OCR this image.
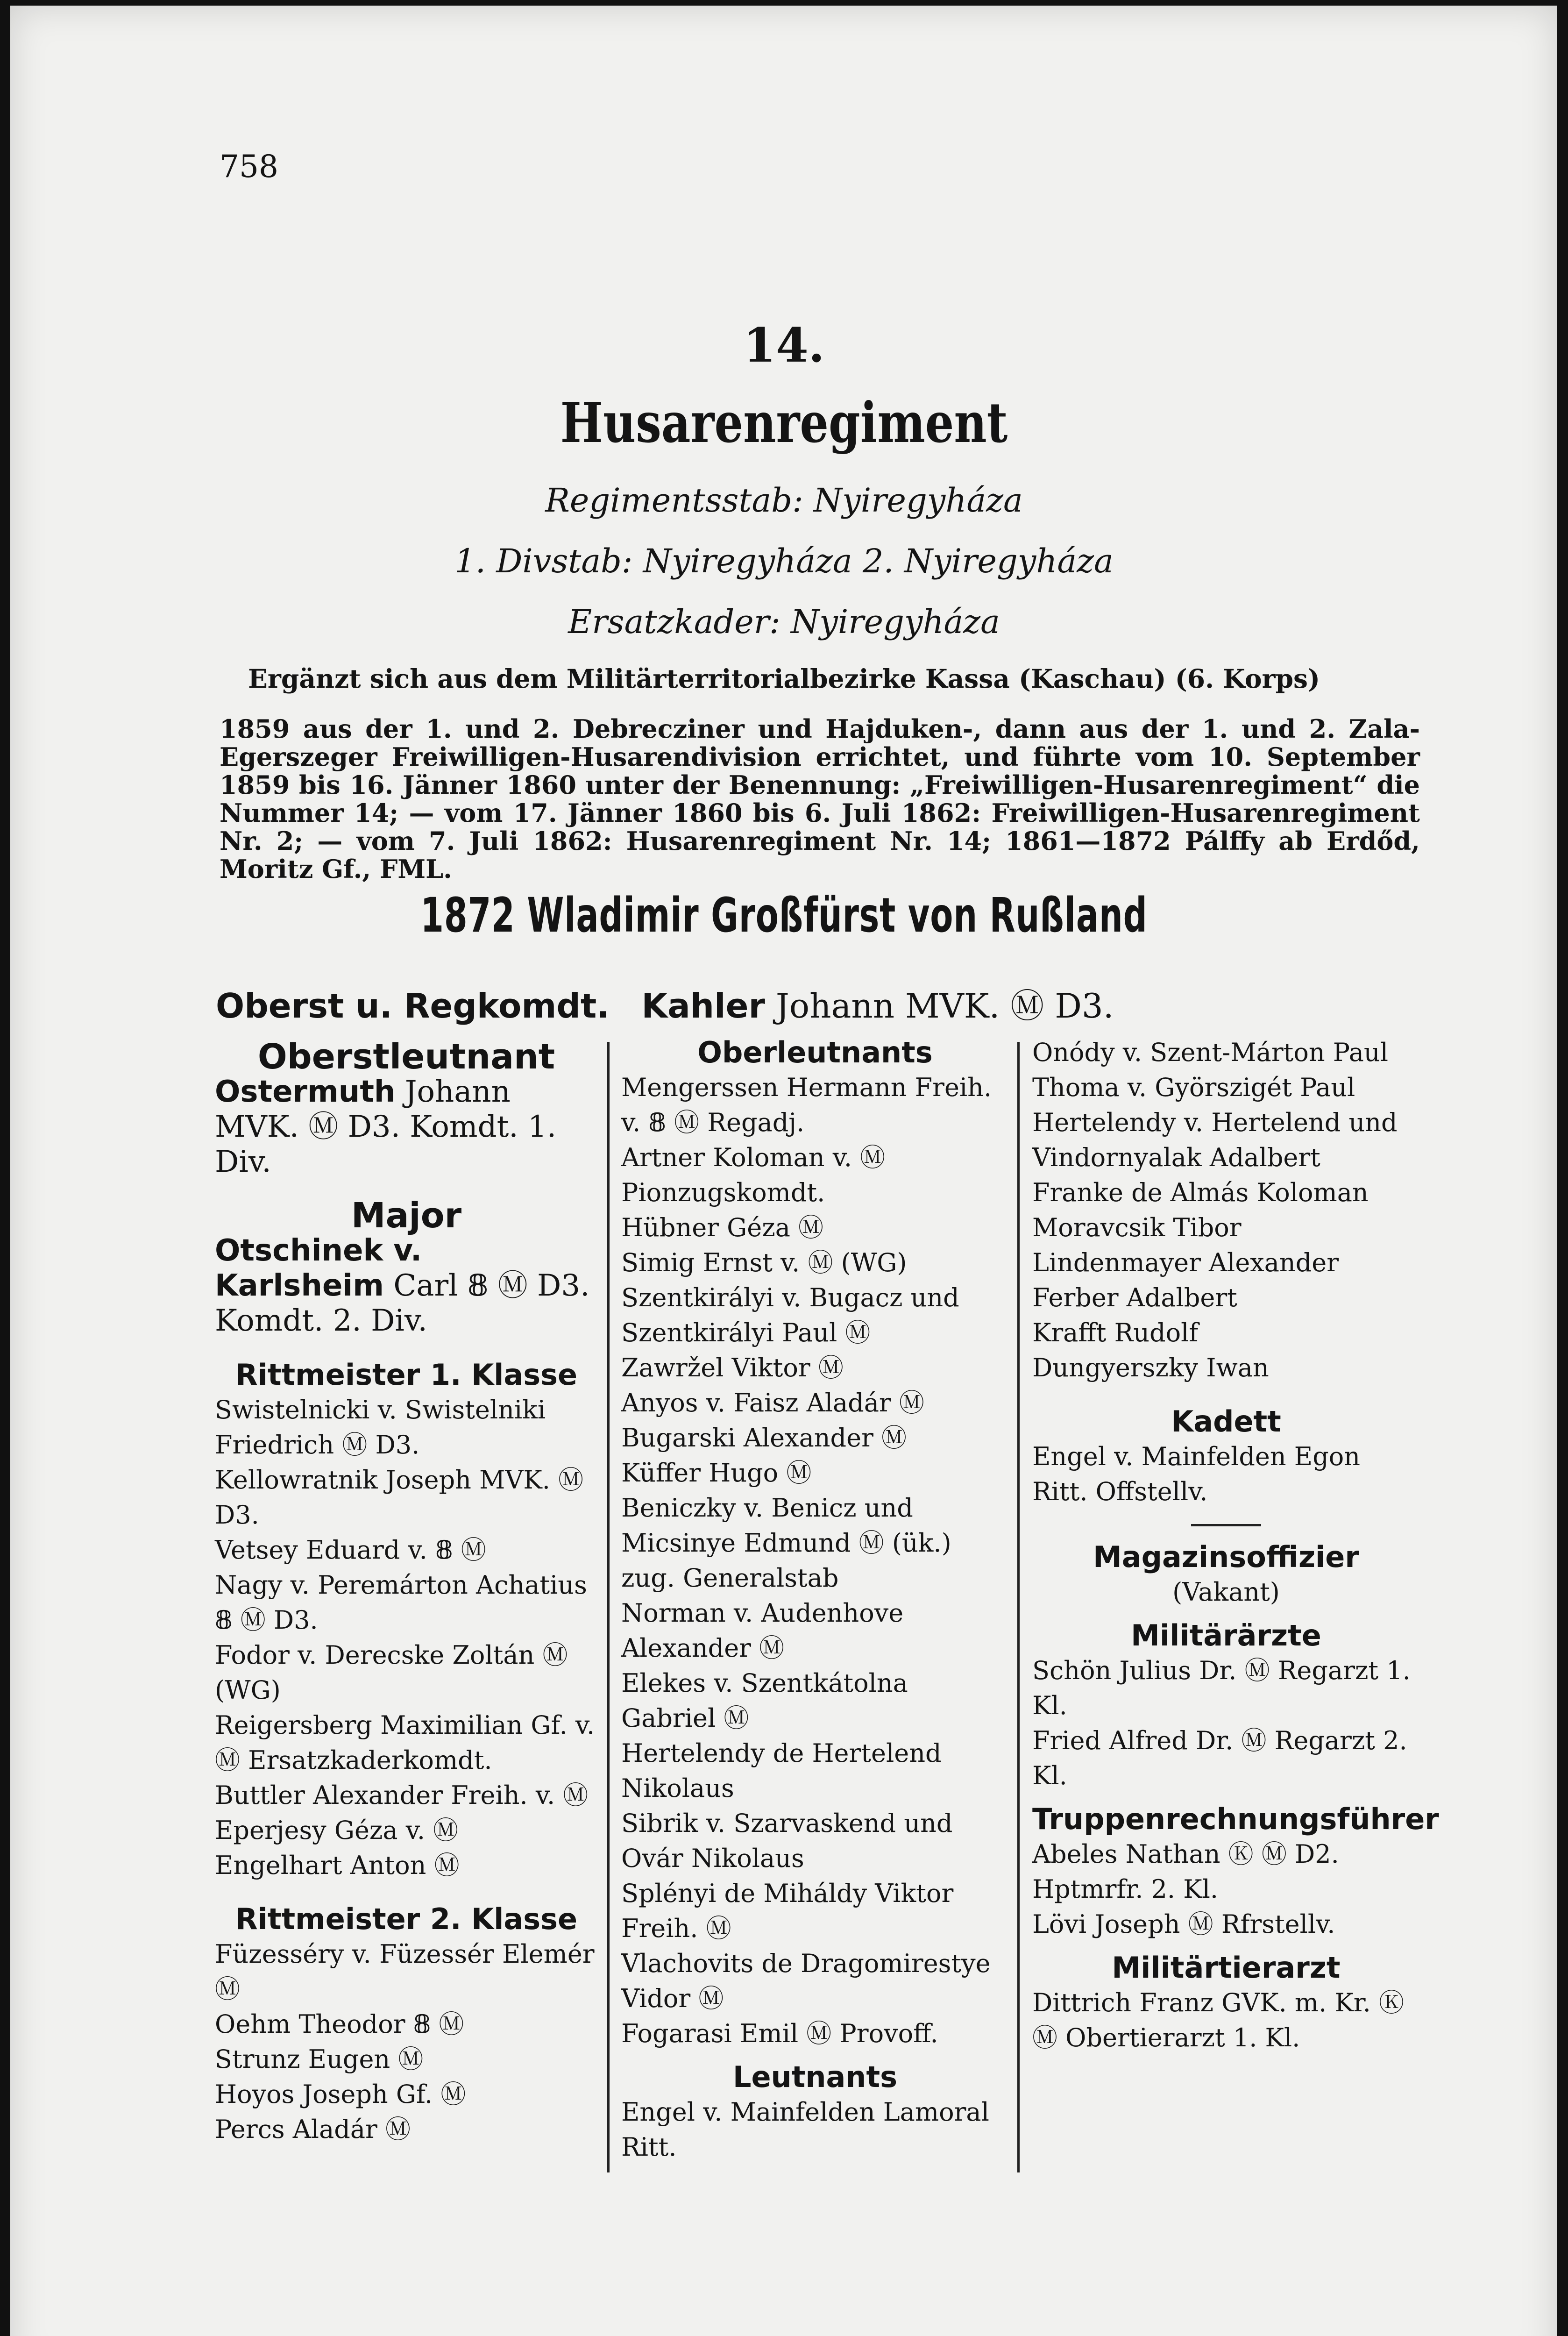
758
14.
Husarenregiment
Regimentsstab: Nyiregyháza
1. Divstab: Nyiregyháza 2. Nyiregyháza
Ersatzkader: Nyiregyháza
Ergänzt sich aus dem Militärterritorialbezirke Kassa (Kaschau) (6. Korps)
1859 aus der 1. und 2. Debrecziner und Hajduken-, dann aus der 1. und 2. Zala-Egerszeger Freiwilligen-Husarendivision errichtet, und führte vom 10. September 1859 bis 16. Jänner 1860 unter der Benennung: „Freiwilligen-Husarenregiment“ die Nummer 14; — vom 17. Jänner 1860 bis 6. Juli 1862: Freiwilligen-Husarenregiment Nr. 2; — vom 7. Juli 1862: Husarenregiment Nr. 14; 1861—1872 Pálffy ab Erdőd, Moritz Gf., FML.
1872 Wladimir Großfürst von Rußland
Oberst u. Regkomdt. Kahler Johann MVK. Ⓜ D3.
Oberstleutnant
Ostermuth Johann MVK. Ⓜ D3. Komdt. 1. Div.
Major
Otschinek v. Karlsheim Carl 𝟠 Ⓜ D3. Komdt. 2. Div.
Rittmeister 1. Klasse
Swistelnicki v. Swistelniki Friedrich Ⓜ D3.
Kellowratnik Joseph MVK. Ⓜ D3.
Vetsey Eduard v. 𝟠 Ⓜ
Nagy v. Peremárton Achatius 𝟠 Ⓜ D3.
Fodor v. Derecske Zoltán Ⓜ (WG)
Reigersberg Maximilian Gf. v. Ⓜ Ersatzkaderkomdt.
Buttler Alexander Freih. v. Ⓜ
Eperjesy Géza v. Ⓜ
Engelhart Anton Ⓜ
Rittmeister 2. Klasse
Füzesséry v. Füzessér Elemér Ⓜ
Oehm Theodor 𝟠 Ⓜ
Strunz Eugen Ⓜ
Hoyos Joseph Gf. Ⓜ
Percs Aladár Ⓜ
Oberleutnants
Mengerssen Hermann Freih. v. 𝟠 Ⓜ Regadj.
Artner Koloman v. Ⓜ Pionzugskomdt.
Hübner Géza Ⓜ
Simig Ernst v. Ⓜ (WG)
Szentkirályi v. Bugacz und Szentkirályi Paul Ⓜ
Zawržel Viktor Ⓜ
Anyos v. Faisz Aladár Ⓜ
Bugarski Alexander Ⓜ
Küffer Hugo Ⓜ
Beniczky v. Benicz und Micsinye Edmund Ⓜ (ük.) zug. Generalstab
Norman v. Audenhove Alexander Ⓜ
Elekes v. Szentkátolna Gabriel Ⓜ
Hertelendy de Hertelend Nikolaus
Sibrik v. Szarvaskend und Ovár Nikolaus
Splényi de Miháldy Viktor Freih. Ⓜ
Vlachovits de Dragomirestye Vidor Ⓜ
Fogarasi Emil Ⓜ Provoff.
Leutnants
Engel v. Mainfelden Lamoral Ritt.
Onódy v. Szent-Márton Paul
Thoma v. Györszigét Paul
Hertelendy v. Hertelend und Vindornyalak Adalbert
Franke de Almás Koloman
Moravcsik Tibor
Lindenmayer Alexander
Ferber Adalbert
Krafft Rudolf
Dungyerszky Iwan
Kadett
Engel v. Mainfelden Egon Ritt. Offstellv.
Magazinsoffizier
(Vakant)
Militärärzte
Schön Julius Dr. Ⓜ Regarzt 1. Kl.
Fried Alfred Dr. Ⓜ Regarzt 2. Kl.
Truppenrechnungsführer
Abeles Nathan Ⓚ Ⓜ D2. Hptmrfr. 2. Kl.
Lövi Joseph Ⓜ Rfrstellv.
Militärtierarzt
Dittrich Franz GVK. m. Kr. Ⓚ Ⓜ Obertierarzt 1. Kl.
